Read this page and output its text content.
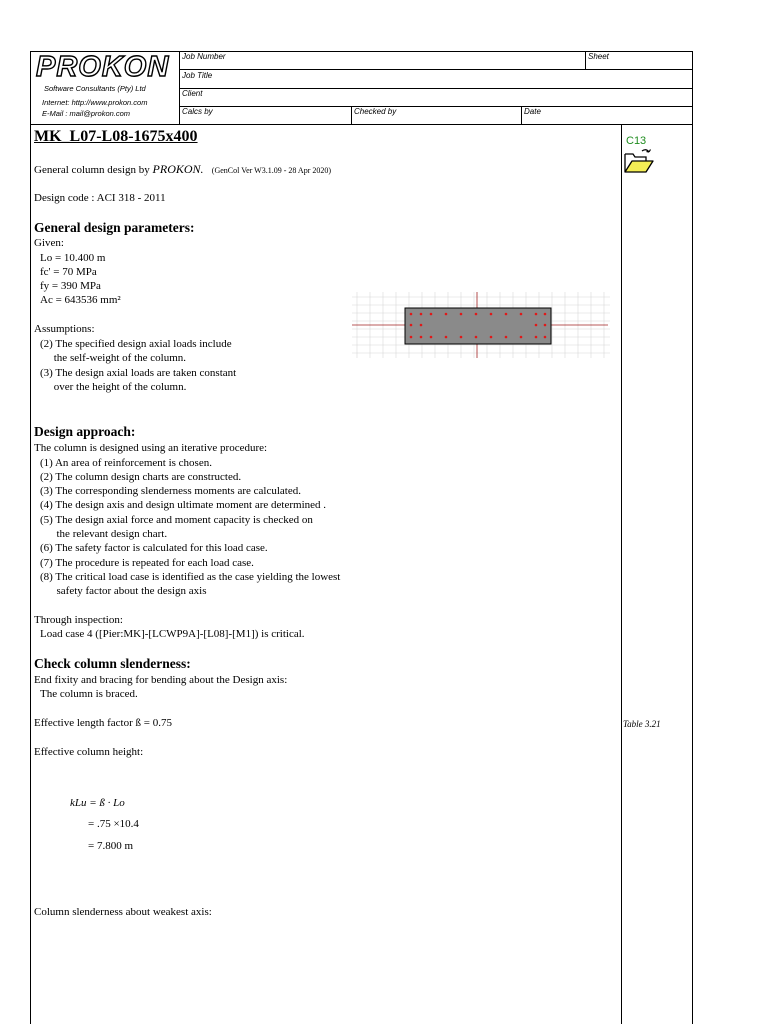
PROKON
Software Consultants (Pty) Ltd
Internet: http://www.prokon.com
E-Mail : mail@prokon.com
Job Number	Sheet
Job Title
Client
Calcs by	Checked by	Date
C13
Table 3.21
MK_L07-L08-1675x400
General column design by PROKON. (GenCol Ver W3.1.09 - 28 Apr 2020)
Design code : ACI 318 - 2011
General design parameters:
Given:
Lo = 10.400 m
fc' = 70 MPa
fy = 390 MPa
Ac = 643536 mm²
Assumptions:
(2) The specified design axial loads include
the self-weight of the column.
(3) The design axial loads are taken constant
over the height of the column.
Design approach:
The column is designed using an iterative procedure:
(1) An area of reinforcement is chosen.
(2) The column design charts are constructed.
(3) The corresponding slenderness moments are calculated.
(4) The design axis and design ultimate moment are determined .
(5) The design axial force and moment capacity is checked on
the relevant design chart.
(6) The safety factor is calculated for this load case.
(7) The procedure is repeated for each load case.
(8) The critical load case is identified as the case yielding the lowest
safety factor about the design axis
Through inspection:
Load case 4 ([Pier:MK]-[LCWP9A]-[L08]-[M1]) is critical.
Check column slenderness:
End fixity and bracing for bending about the Design axis:
The column is braced.
Effective length factor ß = 0.75
Effective column height:
kLu = ß · Lo
= .75 ×10.4
= 7.800 m
Column slenderness about weakest axis:
